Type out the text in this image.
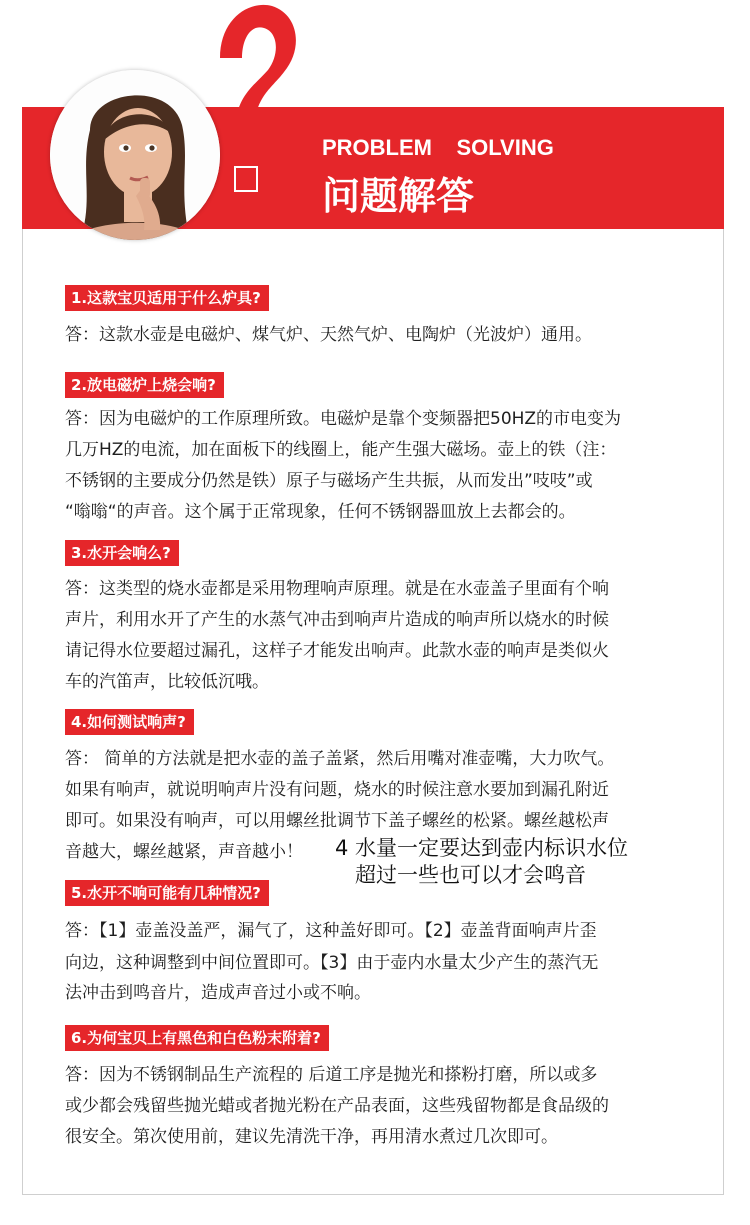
PROBLEM    SOLVING
问题解答
1.这款宝贝适用于什么炉具?
答：这款水壶是电磁炉、煤气炉、天然气炉、电陶炉（光波炉）通用。
2.放电磁炉上烧会响?
答：因为电磁炉的工作原理所致。电磁炉是靠个变频器把50HZ的市电变为
几万HZ的电流，加在面板下的线圈上，能产生强大磁场。壶上的铁（注：
不锈钢的主要成分仍然是铁）原子与磁场产生共振，从而发出”吱吱”或
“嗡嗡“的声音。这个属于正常现象，任何不锈钢器皿放上去都会的。
3.水开会响么?
答：这类型的烧水壶都是采用物理响声原理。就是在水壶盖子里面有个响
声片，利用水开了产生的水蒸气冲击到响声片造成的响声所以烧水的时候
请记得水位要超过漏孔，这样子才能发出响声。此款水壶的响声是类似火
车的汽笛声，比较低沉哦。
4.如何测试响声?
答： 简单的方法就是把水壶的盖子盖紧，然后用嘴对准壶嘴，大力吹气。
如果有响声，就说明响声片没有问题，烧水的时候注意水要加到漏孔附近
即可。如果没有响声，可以用螺丝批调节下盖子螺丝的松紧。螺丝越松声
音越大，螺丝越紧，声音越小！	4 水量一定要达到壶内标识水位
超过一些也可以才会鸣音
5.水开不响可能有几种情况?
答：【1】壶盖没盖严，漏气了，这种盖好即可。【2】壶盖背面响声片歪
向边，这种调整到中间位置即可。【3】由于壶内水量太少产生的蒸汽无
法冲击到鸣音片，造成声音过小或不响。
6.为何宝贝上有黑色和白色粉末附着?
答：因为不锈钢制品生产流程的 后道工序是抛光和搽粉打磨，所以或多
或少都会残留些抛光蜡或者抛光粉在产品表面，这些残留物都是食品级的
很安全。第次使用前，建议先清洗干净，再用清水煮过几次即可。
